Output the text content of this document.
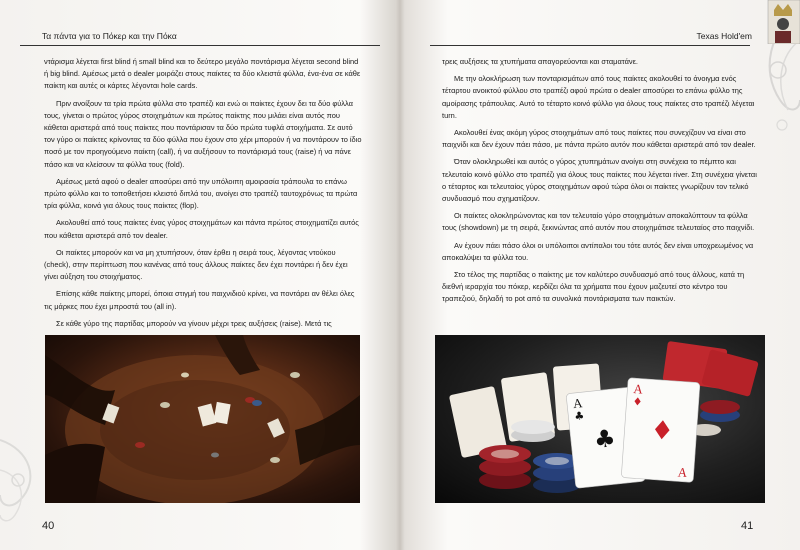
Τα πάντα για το Πόκερ και την Πόκα

ντάρισμα λέγεται first blind ή small blind και το δεύτερο μεγάλο ποντάρισμα λέγεται second blind ή big blind. Αμέσως μετά ο dealer μοιράζει στους παίκτες τα δύο κλειστά φύλλα, ένα-ένα σε κάθε παίκτη και αυτές οι κάρτες λέγονται hole cards.

Πριν ανοίξουν τα τρία πρώτα φύλλα στο τραπέζι και ενώ οι παίκτες έχουν δει τα δύο φύλλα τους, γίνεται ο πρώτος γύρος στοιχημάτων και πρώτος παίκτης που μιλάει είναι αυτός που κάθεται αριστερά από τους παίκτες που ποντάρισαν τα δύο πρώτα τυφλά στοιχήματα. Σε αυτό τον γύρο οι παίκτες κρίνοντας τα δύο φύλλα που έχουν στο χέρι μπορούν ή να ποντάρουν το ίδιο ποσό με τον προηγούμενο παίκτη (call), ή να αυξήσουν το ποντάρισμά τους (raise) ή να πάνε πάσο και να κλείσουν τα φύλλα τους (fold).

Αμέσως μετά αφού ο dealer αποσύρει από την υπόλοιπη αμοιρασία τράπουλα το επάνω πρώτο φύλλο και το τοποθετήσει κλειστό διπλά του, ανοίγει στο τραπέζι ταυτοχρόνως τα πρώτα τρία φύλλα, κοινά για όλους τους παίκτες (flop).

Ακολουθεί από τους παίκτες ένας γύρος στοιχημάτων και πάντα πρώτος στοιχηματίζει αυτός που κάθεται αριστερά από τον dealer.

Οι παίκτες μπορούν και να μη χτυπήσουν, όταν έρθει η σειρά τους, λέγοντας ντούκου (check), στην περίπτωση που κανένας από τους άλλους παίκτες δεν έχει ποντάρει ή δεν έχει γίνει αύξηση του στοιχήματος.

Επίσης κάθε παίκτης μπορεί, όποια στιγμή του παιχνιδιού κρίνει, να ποντάρει αν θέλει όλες τις μάρκες που έχει μπροστά του (all in).

Σε κάθε γύρο της παρτίδας μπορούν να γίνουν μέχρι τρεις αυξήσεις (raise). Μετά τις

40
Texas Hold'em

τρεις αυξήσεις τα χτυπήματα απαγορεύονται και σταματάνε.

Με την ολοκλήρωση των πονταρισμάτων από τους παίκτες ακολουθεί το άνοιγμα ενός τέταρτου ανοικτού φύλλου στο τραπέζι αφού πρώτα ο dealer αποσύρει το επάνω φύλλο της αμοίρασης τράπουλας. Αυτό το τέταρτο κοινό φύλλο για όλους τους παίκτες στο τραπέζι λέγεται turn.

Ακολουθεί ένας ακόμη γύρος στοιχημάτων από τους παίκτες που συνεχίζουν να είναι στο παιχνίδι και δεν έχουν πάει πάσο, με πάντα πρώτο αυτόν που κάθεται αριστερά από τον dealer.

Όταν ολοκληρωθεί και αυτός ο γύρος χτυπημάτων ανοίγει στη συνέχεια το πέμπτο και τελευταίο κοινό φύλλο στο τραπέζι για όλους τους παίκτες που λέγεται river. Στη συνέχεια γίνεται ο τέταρτος και τελευταίος γύρος στοιχημάτων αφού τώρα όλοι οι παίκτες γνωρίζουν τον τελικό συνδυασμό που σχηματίζουν.

Οι παίκτες ολοκληρώνοντας και τον τελευταίο γύρο στοιχημάτων αποκαλύπτουν τα φύλλα τους (showdown) με τη σειρά, ξεκινώντας από αυτόν που στοιχημάτισε τελευταίος στο παιχνίδι.

Αν έχουν πάει πάσο όλοι οι υπόλοιποι αντίπαλοι του τότε αυτός δεν είναι υποχρεωμένος να αποκαλύψει τα φύλλα του.

Στο τέλος της παρτίδας ο παίκτης με τον καλύτερο συνδυασμό από τους άλλους, κατά τη διεθνή ιεραρχία του πόκερ, κερδίζει όλα τα χρήματα που έχουν μαζευτεί στο κέντρο του τραπεζιού, δηλαδή το pot από τα συνολικά ποντάρισματα των παικτών.

A
♣
♣
A
♦
♦
A
41
